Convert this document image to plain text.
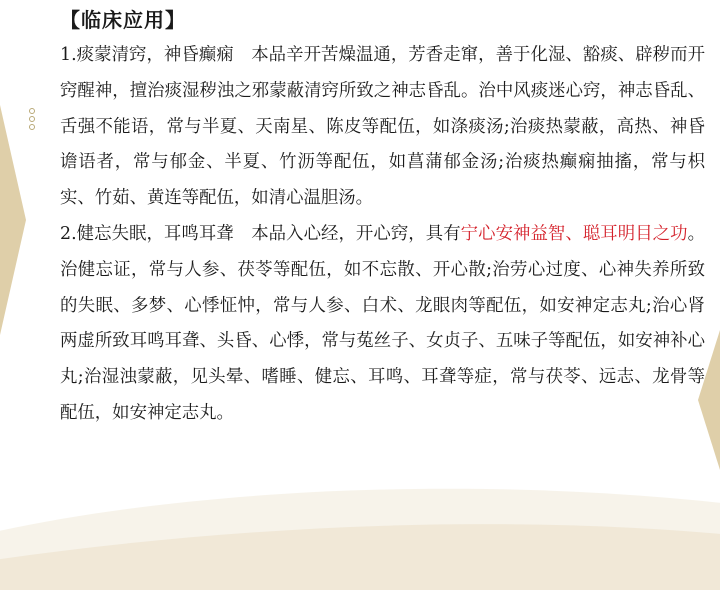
【临床应用】

1.痰蒙清窍，神昏癫痫　本品辛开苦燥温通，芳香走窜，善于化湿、豁痰、辟秽而开窍醒神，擅治痰湿秽浊之邪蒙蔽清窍所致之神志昏乱。治中风痰迷心窍，神志昏乱、舌强不能语，常与半夏、天南星、陈皮等配伍，如涤痰汤;治痰热蒙蔽，高热、神昏谵语者，常与郁金、半夏、竹沥等配伍，如菖蒲郁金汤;治痰热癫痫抽搐，常与枳实、竹茹、黄连等配伍，如清心温胆汤。

2.健忘失眠，耳鸣耳聋　本品入心经，开心窍，具有宁心安神益智、聪耳明目之功。治健忘证，常与人参、茯苓等配伍，如不忘散、开心散;治劳心过度、心神失养所致的失眠、多梦、心悸怔忡，常与人参、白术、龙眼肉等配伍，如安神定志丸;治心肾两虚所致耳鸣耳聋、头昏、心悸，常与菟丝子、女贞子、五味子等配伍，如安神补心丸;治湿浊蒙蔽，见头晕、嗜睡、健忘、耳鸣、耳聋等症，常与茯苓、远志、龙骨等配伍，如安神定志丸。
